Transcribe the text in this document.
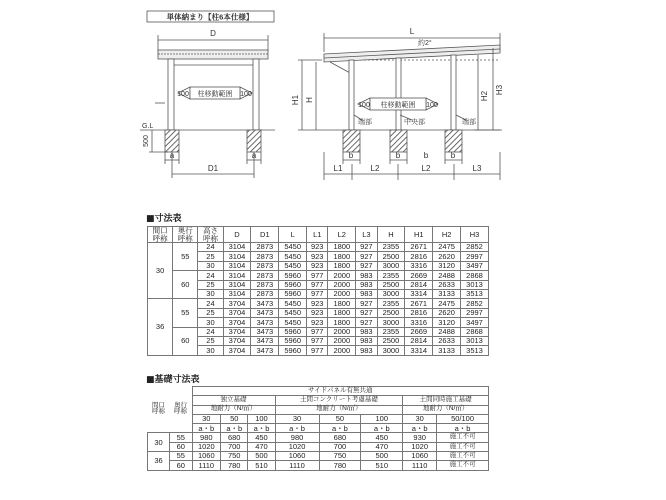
単体納まり【柱6本仕様】
D
100 柱移動範囲 100
G.L
500
a	a
D1
L
約2°
100 柱移動範囲 100
端部	中央部	端部
H1 H	H2
H3
b	b	b	b
L1	L2	L2	L3
■寸法表
間口
呼称	奥行
呼称	高さ
呼称	D	D1	L	L1	L2	L3	H	H1	H2	H3
30	55	24	3104	2873	5450	923	1800	927	2355	2671	2475	2852
		25	3104	2873	5450	923	1800	927	2500	2816	2620	2997
		30	3104	2873	5450	923	1800	927	3000	3316	3120	3497
	60	24	3104	2873	5960	977	2000	983	2355	2669	2488	2868
		25	3104	2873	5960	977	2000	983	2500	2814	2633	3013
		30	3104	2873	5960	977	2000	983	3000	3314	3133	3513
36	55	24	3704	3473	5450	923	1800	927	2355	2671	2475	2852
		25	3704	3473	5450	923	1800	927	2500	2816	2620	2997
		30	3704	3473	5450	923	1800	927	3000	3316	3120	3497
	60	24	3704	3473	5960	977	2000	983	2355	2669	2488	2868
		25	3704	3473	5960	977	2000	983	2500	2814	2633	3013
		30	3704	3473	5960	977	2000	983	3000	3314	3133	3513
■基礎寸法表
間口
呼称	奥行
呼称	サイドパネル有無共通							
		独立基礎			土間コンクリート考慮基礎			土間同時施工基礎	
		地耐力（N/㎡）			地耐力（N/㎡）			地耐力（N/㎡）	
		30	50	100	30	50	100	30	50/100
		a・b	a・b	a・b	a・b	a・b	a・b	a・b	a・b
30	55	980	680	450	980	680	450	930	施工不可
	60	1020	700	470	1020	700	470	1020	施工不可
36	55	1060	750	500	1060	750	500	1060	施工不可
	60	1110	780	510	1110	780	510	1110	施工不可
